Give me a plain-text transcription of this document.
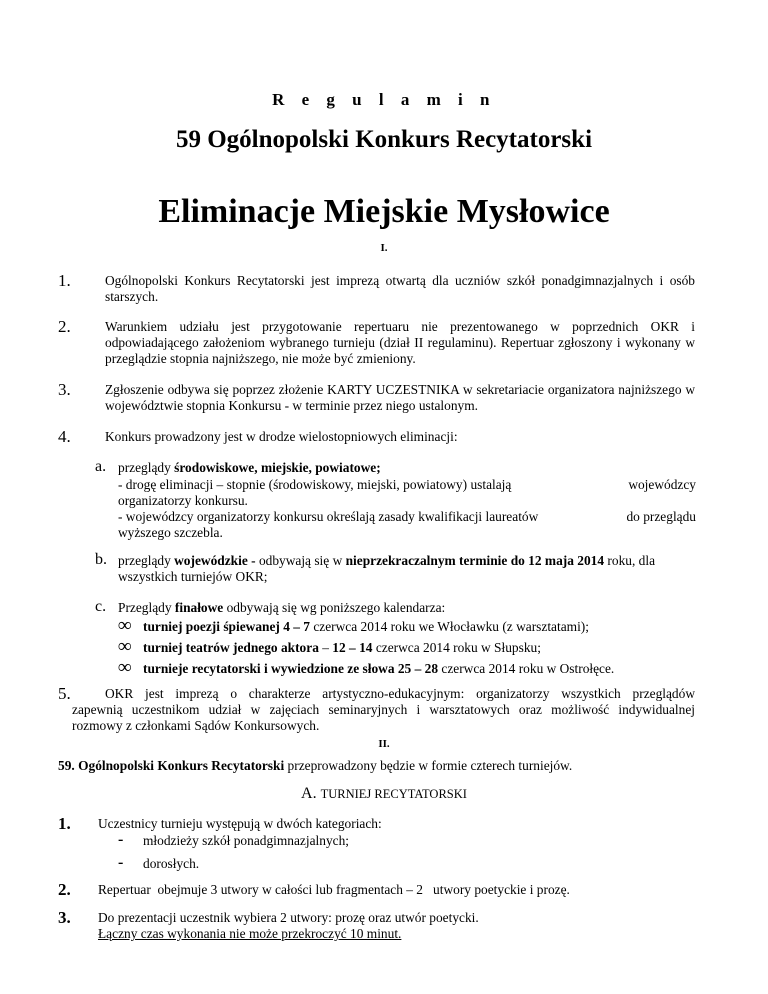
R e g u l a m i n
59 Ogólnopolski Konkurs Recytatorski
Eliminacje Miejskie Mysłowice
I.
1.	Ogólnopolski Konkurs Recytatorski jest imprezą otwartą dla uczniów szkół ponadgimnazjalnych i osób starszych.
2.	Warunkiem udziału jest przygotowanie repertuaru nie prezentowanego w poprzednich OKR i odpowiadającego założeniom wybranego turnieju (dział II regulaminu). Repertuar zgłoszony i wykonany w przeglądzie stopnia najniższego, nie może być zmieniony.
3.	Zgłoszenie odbywa się poprzez złożenie KARTY UCZESTNIKA w sekretariacie organizatora najniższego w województwie stopnia Konkursu - w terminie przez niego ustalonym.
4.	Konkurs prowadzony jest w drodze wielostopniowych eliminacji:
a. przeglądy środowiskowe, miejskie, powiatowe;
- drogę eliminacji – stopnie (środowiskowy, miejski, powiatowy) ustalają	wojewódzcy
organizatorzy konkursu.
- wojewódzcy organizatorzy konkursu określają zasady kwalifikacji laureatów	do przeglądu
wyższego szczebla.
b. przeglądy wojewódzkie - odbywają się w nieprzekraczalnym terminie do 12 maja 2014 roku, dla
wszystkich turniejów OKR;
c. Przeglądy finałowe odbywają się wg poniższego kalendarza:
∞ turniej poezji śpiewanej 4 – 7 czerwca 2014 roku we Włocławku (z warsztatami);
∞ turniej teatrów jednego aktora – 12 – 14 czerwca 2014 roku w Słupsku;
∞ turnieje recytatorski i wywiedzione ze słowa 25 – 28 czerwca 2014 roku w Ostrołęce.
5.	OKR jest imprezą o charakterze artystyczno-edukacyjnym: organizatorzy wszystkich przeglądów
zapewnią uczestnikom udział w zajęciach seminaryjnych i warsztatowych oraz możliwość indywidualnej
rozmowy z członkami Sądów Konkursowych.
II.
59. Ogólnopolski Konkurs Recytatorski przeprowadzony będzie w formie czterech turniejów.
A. TURNIEJ RECYTATORSKI
1. Uczestnicy turnieju występują w dwóch kategoriach:
- młodzieży szkół ponadgimnazjalnych;
- dorosłych.
2. Repertuar  obejmuje 3 utwory w całości lub fragmentach – 2   utwory poetyckie i prozę.
3. Do prezentacji uczestnik wybiera 2 utwory: prozę oraz utwór poetycki.
Łączny czas wykonania nie może przekroczyć 10 minut.
